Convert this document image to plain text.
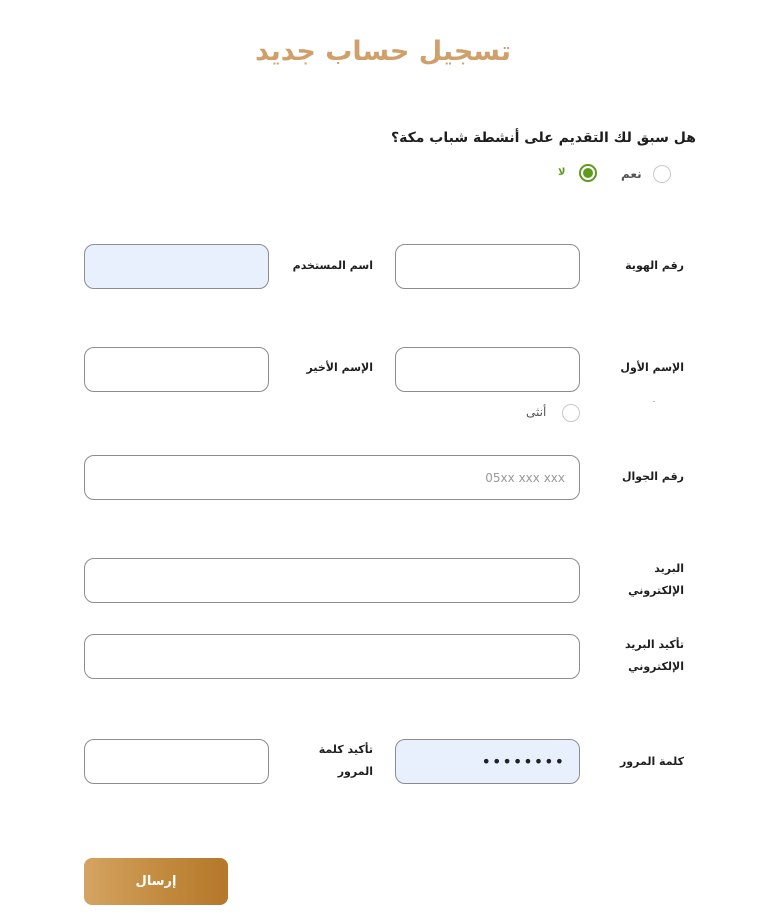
تسجيل حساب جديد
هل سبق لك التقديم على أنشطة شباب مكة؟
نعم
لا
رقم الهوية
اسم المستخدم
الإسم الأول
الإسم الأخير
أنثى
رقم الجوال
05xx xxx xxx
البريد
الإلكتروني
تأكيد البريد
الإلكتروني
كلمة المرور
تأكيد كلمة
المرور
إرسال
